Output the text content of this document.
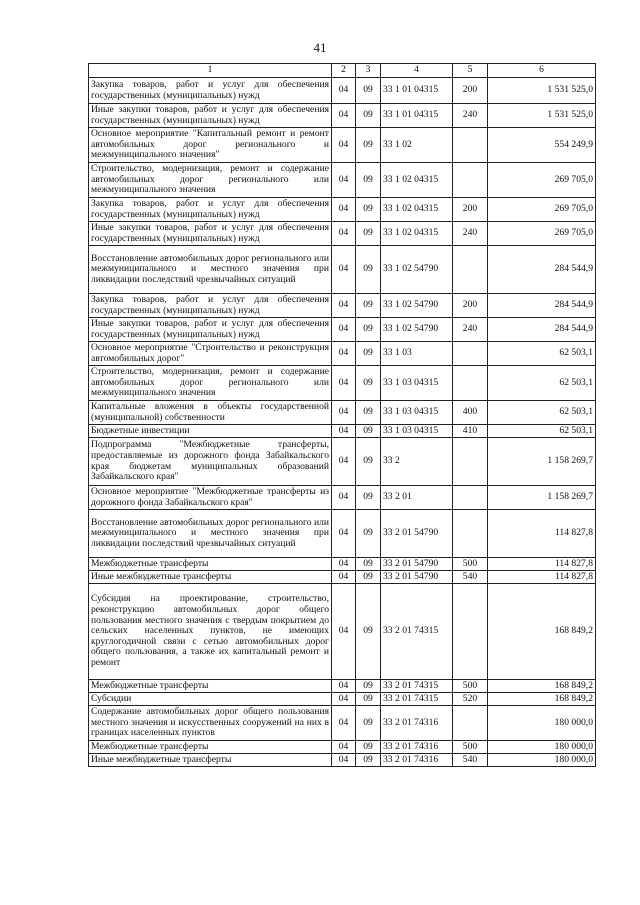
41
1	2	3	4	5	6
Закупка товаров, работ и услуг для обеспечения государственных (муниципальных) нужд	04	09	33 1 01 04315	200	1 531 525,0
Иные закупки товаров, работ и услуг для обеспечения государственных (муниципальных) нужд	04	09	33 1 01 04315	240	1 531 525,0
Основное мероприятие "Капитальный ремонт и ремонт автомобильных дорог регионального и межмуниципального значения"	04	09	33 1 02		554 249,9
Строительство, модернизация, ремонт и содержание автомобильных дорог регионального или межмуниципального значения	04	09	33 1 02 04315		269 705,0
Закупка товаров, работ и услуг для обеспечения государственных (муниципальных) нужд	04	09	33 1 02 04315	200	269 705,0
Иные закупки товаров, работ и услуг для обеспечения государственных (муниципальных) нужд	04	09	33 1 02 04315	240	269 705,0
Восстановление автомобильных дорог регионального или межмуниципального и местного значения при ликвидации последствий чрезвычайных ситуаций	04	09	33 1 02 54790		284 544,9
Закупка товаров, работ и услуг для обеспечения государственных (муниципальных) нужд	04	09	33 1 02 54790	200	284 544,9
Иные закупки товаров, работ и услуг для обеспечения государственных (муниципальных) нужд	04	09	33 1 02 54790	240	284 544,9
Основное мероприятие "Строительство и реконструкция автомобильных дорог"	04	09	33 1 03		62 503,1
Строительство, модернизация, ремонт и содержание автомобильных дорог регионального или межмуниципального значения	04	09	33 1 03 04315		62 503,1
Капитальные вложения в объекты государственной (муниципальной) собственности	04	09	33 1 03 04315	400	62 503,1
Бюджетные инвестиции	04	09	33 1 03 04315	410	62 503,1
Подпрограмма "Межбюджетные трансферты, предоставляемые из дорожного фонда Забайкальского края бюджетам муниципальных образований Забайкальского края"	04	09	33 2		1 158 269,7
Основное мероприятие "Межбюджетные трансферты из дорожного фонда Забайкальского края"	04	09	33 2 01		1 158 269,7
Восстановление автомобильных дорог регионального или межмуниципального и местного значения при ликвидации последствий чрезвычайных ситуаций	04	09	33 2 01 54790		114 827,8
Межбюджетные трансферты	04	09	33 2 01 54790	500	114 827,8
Иные межбюджетные трансферты	04	09	33 2 01 54790	540	114 827,8
Субсидия на проектирование, строительство, реконструкцию автомобильных дорог общего пользования местного значения с твердым покрытием до сельских населенных пунктов, не имеющих круглогодичной связи с сетью автомобильных дорог общего пользования, а также их капитальный ремонт и ремонт	04	09	33 2 01 74315		168 849,2
Межбюджетные трансферты	04	09	33 2 01 74315	500	168 849,2
Субсидии	04	09	33 2 01 74315	520	168 849,2
Содержание автомобильных дорог общего пользования местного значения и искусственных сооружений на них в границах населенных пунктов	04	09	33 2 01 74316		180 000,0
Межбюджетные трансферты	04	09	33 2 01 74316	500	180 000,0
Иные межбюджетные трансферты	04	09	33 2 01 74316	540	180 000,0
